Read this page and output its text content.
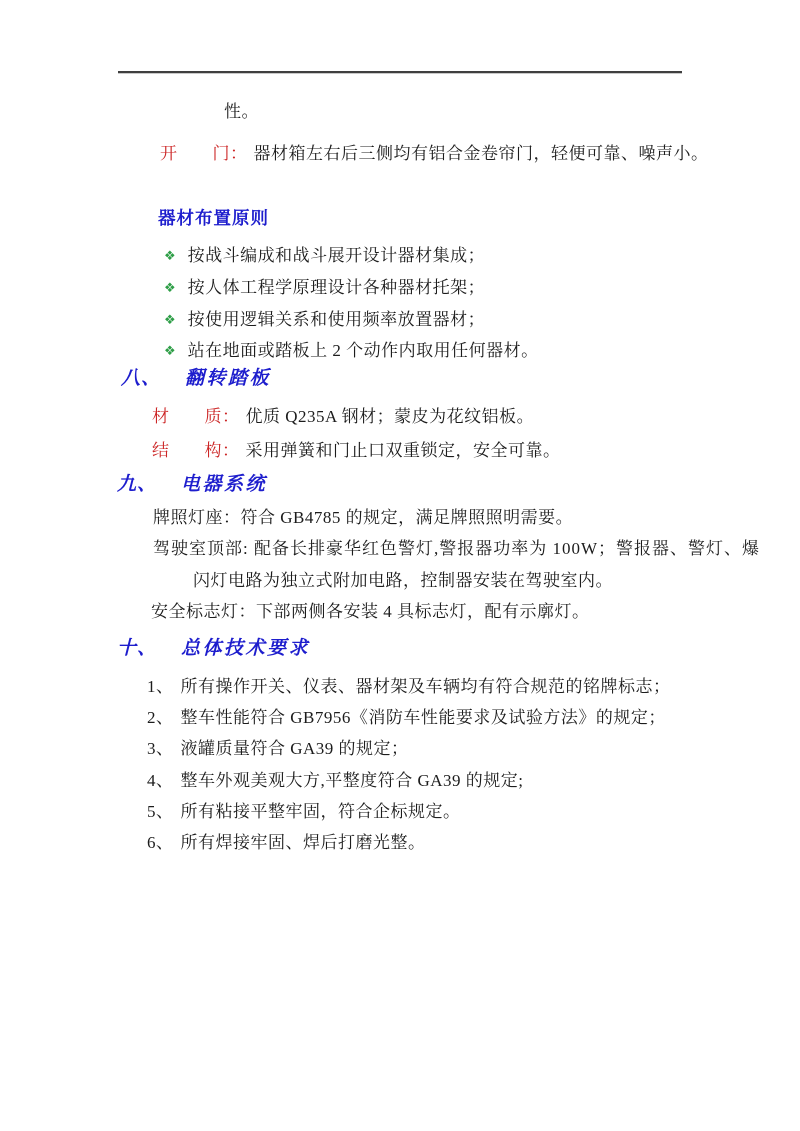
性。
开　　门： 器材箱左右后三侧均有铝合金卷帘门，轻便可靠、噪声小。
器材布置原则
❖ 按战斗编成和战斗展开设计器材集成；
❖ 按人体工程学原理设计各种器材托架；
❖ 按使用逻辑关系和使用频率放置器材；
❖ 站在地面或踏板上 2 个动作内取用任何器材。
八、 翻转踏板
材　　质： 优质 Q235A 钢材；蒙皮为花纹铝板。
结　　构： 采用弹簧和门止口双重锁定，安全可靠。
九、 电器系统
牌照灯座：符合 GB4785 的规定，满足牌照照明需要。
驾驶室顶部: 配备长排豪华红色警灯,警报器功率为 100W；警报器、警灯、爆
闪灯电路为独立式附加电路，控制器安装在驾驶室内。
安全标志灯：下部两侧各安装 4 具标志灯，配有示廓灯。
十、 总体技术要求
1、 所有操作开关、仪表、器材架及车辆均有符合规范的铭牌标志；
2、 整车性能符合 GB7956《消防车性能要求及试验方法》的规定；
3、 液罐质量符合 GA39 的规定；
4、 整车外观美观大方,平整度符合 GA39 的规定;
5、 所有粘接平整牢固，符合企标规定。
6、 所有焊接牢固、焊后打磨光整。
